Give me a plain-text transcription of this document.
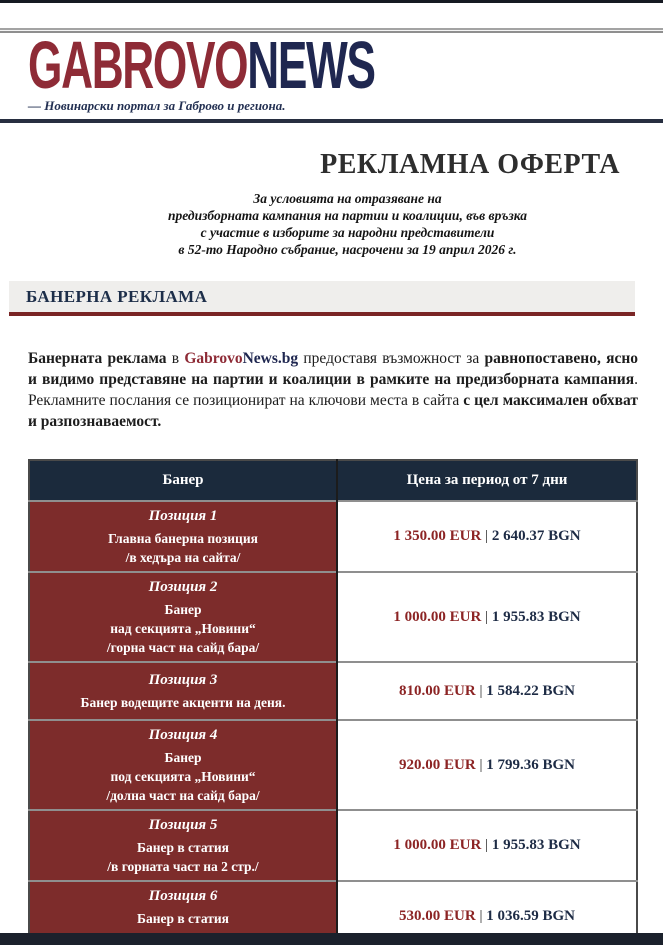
GABROVONEWS
— Новинарски портал за Габрово и региона.
РЕКЛАМНА ОФЕРТА
За условията на отразяване на
предизборната кампания на партии и коалиции, във връзка
с участие в изборите за народни представители
в 52-то Народно събрание, насрочени за 19 април 2026 г.
БАНЕРНА РЕКЛАМА
Банерната реклама в GabrovoNews.bg предоставя възможност за равнопоставено, ясно и видимо представяне на партии и коалиции в рамките на предизборната кампания. Рекламните послания се позиционират на ключови места в сайта с цел максимален обхват и разпознаваемост.
Банер	Цена за период от 7 дни

Позиция 1
Главна банерна позиция
/в хедъра на сайта/	1 350.00 EUR | 2 640.37 BGN

Позиция 2
Банер
над секцията „Новини“
/горна част на сайд бара/	1 000.00 EUR | 1 955.83 BGN

Позиция 3
Банер водещите акценти на деня.	810.00 EUR | 1 584.22 BGN

Позиция 4
Банер
под секцията „Новини“
/долна част на сайд бара/	920.00 EUR | 1 799.36 BGN

Позиция 5
Банер в статия
/в горната част на 2 стр./	1 000.00 EUR | 1 955.83 BGN

Позиция 6
Банер в статия	530.00 EUR | 1 036.59 BGN
